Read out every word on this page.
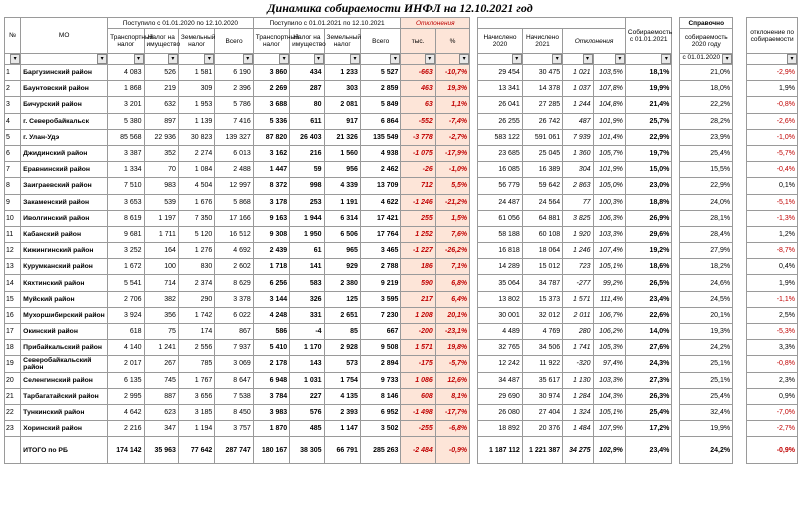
Динамика собираемости ИНФЛ на 12.10.2021 год
№	МО	Поступило с 01.01.2020 по 12.10.2020				Поступило с 01.01.2021 по 12.10.2021				Отклонения							Собираемость с 01.01.2021		Справочно		отклонение по собираемости
		Транспортный налог	Налог на имущество	Земельный налог	Всего	Транспортный налог	Налог на имущество	Земельный налог	Всего	тыс.	%		Начислено 2020	Начислено 2021	Отклонения				собираемость 2020 году		

▾	▾	▾	▾	▾	▾	▾	▾	▾	▾	▾	▾		▾	▾	▾	▾	▾		с 01.01.2020 ▾		▾

1	Баргузинский район	4 083	526	1 581	6 190	3 860	434	1 233	5 527	-663	-10,7%		29 454	30 475	1 021	103,5%	18,1%		21,0%		-2,9%
2	Баунтовский район	1 868	219	309	2 396	2 269	287	303	2 859	463	19,3%		13 341	14 378	1 037	107,8%	19,9%		18,0%		1,9%
3	Бичурский район	3 201	632	1 953	5 786	3 688	80	2 081	5 849	63	1,1%		26 041	27 285	1 244	104,8%	21,4%		22,2%		-0,8%
4	г. Северобайкальск	5 380	897	1 139	7 416	5 336	611	917	6 864	-552	-7,4%		26 255	26 742	487	101,9%	25,7%		28,2%		-2,6%
5	г. Улан-Удэ	85 568	22 936	30 823	139 327	87 820	26 403	21 326	135 549	-3 778	-2,7%		583 122	591 061	7 939	101,4%	22,9%		23,9%		-1,0%
6	Джидинский район	3 387	352	2 274	6 013	3 162	216	1 560	4 938	-1 075	-17,9%		23 685	25 045	1 360	105,7%	19,7%		25,4%		-5,7%
7	Еравнинский район	1 334	70	1 084	2 488	1 447	59	956	2 462	-26	-1,0%		16 085	16 389	304	101,9%	15,0%		15,5%		-0,4%
8	Заиграевский район	7 510	983	4 504	12 997	8 372	998	4 339	13 709	712	5,5%		56 779	59 642	2 863	105,0%	23,0%		22,9%		0,1%
9	Закаменский район	3 653	539	1 676	5 868	3 178	253	1 191	4 622	-1 246	-21,2%		24 487	24 564	77	100,3%	18,8%		24,0%		-5,1%
10	Иволгинский район	8 619	1 197	7 350	17 166	9 163	1 944	6 314	17 421	255	1,5%		61 056	64 881	3 825	106,3%	26,9%		28,1%		-1,3%
11	Кабанский район	9 681	1 711	5 120	16 512	9 308	1 950	6 506	17 764	1 252	7,6%		58 188	60 108	1 920	103,3%	29,6%		28,4%		1,2%
12	Кижингинский район	3 252	164	1 276	4 692	2 439	61	965	3 465	-1 227	-26,2%		16 818	18 064	1 246	107,4%	19,2%		27,9%		-8,7%
13	Курумканский район	1 672	100	830	2 602	1 718	141	929	2 788	186	7,1%		14 289	15 012	723	105,1%	18,6%		18,2%		0,4%
14	Кяхтинский район	5 541	714	2 374	8 629	6 256	583	2 380	9 219	590	6,8%		35 064	34 787	-277	99,2%	26,5%		24,6%		1,9%
15	Муйский район	2 706	382	290	3 378	3 144	326	125	3 595	217	6,4%		13 802	15 373	1 571	111,4%	23,4%		24,5%		-1,1%
16	Мухоршибирский район	3 924	356	1 742	6 022	4 248	331	2 651	7 230	1 208	20,1%		30 001	32 012	2 011	106,7%	22,6%		20,1%		2,5%
17	Окинский район	618	75	174	867	586	-4	85	667	-200	-23,1%		4 489	4 769	280	106,2%	14,0%		19,3%		-5,3%
18	Прибайкальский район	4 140	1 241	2 556	7 937	5 410	1 170	2 928	9 508	1 571	19,8%		32 765	34 506	1 741	105,3%	27,6%		24,2%		3,3%
19	Северобайкальский район	2 017	267	785	3 069	2 178	143	573	2 894	-175	-5,7%		12 242	11 922	-320	97,4%	24,3%		25,1%		-0,8%
20	Селенгинский район	6 135	745	1 767	8 647	6 948	1 031	1 754	9 733	1 086	12,6%		34 487	35 617	1 130	103,3%	27,3%		25,1%		2,3%
21	Тарбагатайский район	2 995	887	3 656	7 538	3 784	227	4 135	8 146	608	8,1%		29 690	30 974	1 284	104,3%	26,3%		25,4%		0,9%
22	Тункинский район	4 642	623	3 185	8 450	3 983	576	2 393	6 952	-1 498	-17,7%		26 080	27 404	1 324	105,1%	25,4%		32,4%		-7,0%
23	Хоринский район	2 216	347	1 194	3 757	1 870	485	1 147	3 502	-255	-6,8%		18 892	20 376	1 484	107,9%	17,2%		19,9%		-2,7%
	ИТОГО по РБ	174 142	35 963	77 642	287 747	180 167	38 305	66 791	285 263	-2 484	-0,9%		1 187 112	1 221 387	34 275	102,9%	23,4%		24,2%		-0,9%
